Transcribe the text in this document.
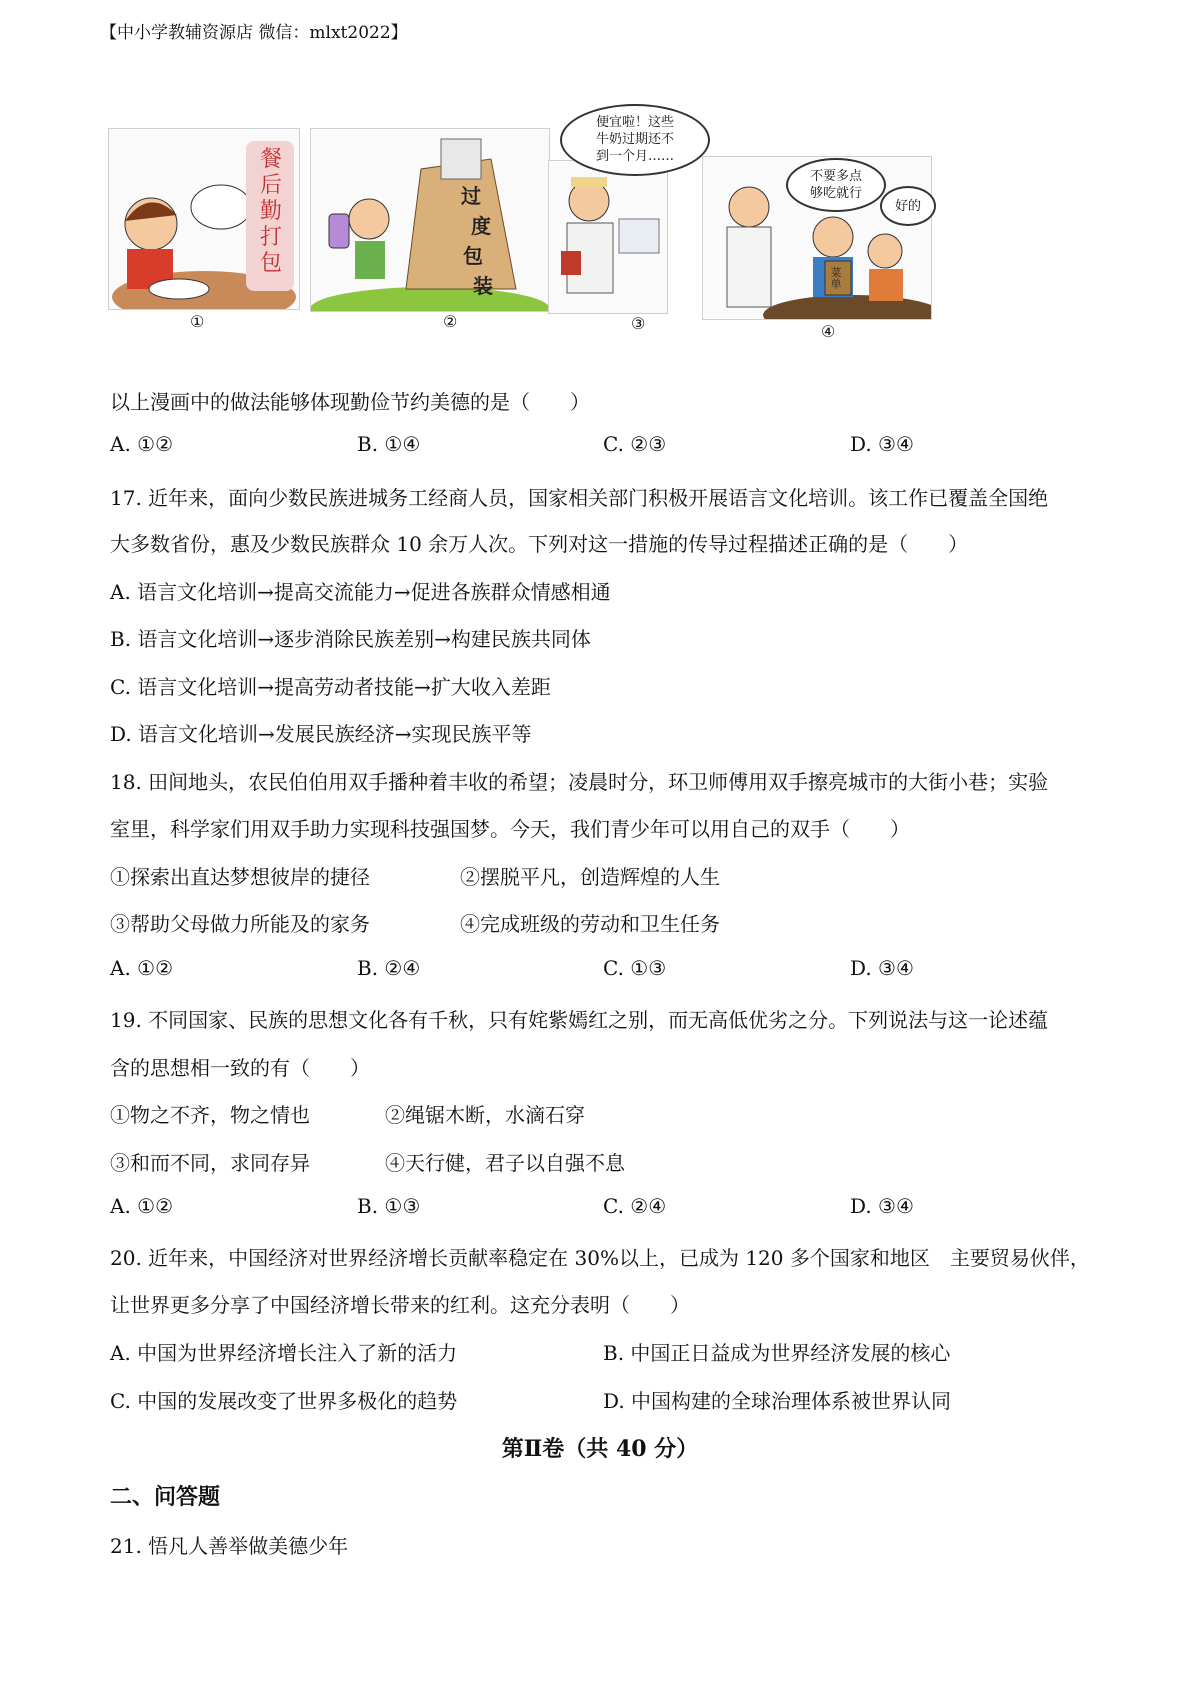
【中小学教辅资源店 微信：mlxt2022】
餐
后
勤
打
包
①
过
度
包
装
②
便宜啦！这些
牛奶过期还不
到一个月……
③
菜单
不要多点
够吃就行
好的
④
以上漫画中的做法能够体现勤俭节约美德的是（　　）
A. ①②	B. ①④	C. ②③	D. ③④
17. 近年来，面向少数民族进城务工经商人员，国家相关部门积极开展语言文化培训。该工作已覆盖全国绝
大多数省份，惠及少数民族群众 10 余万人次。下列对这一措施的传导过程描述正确的是（　　）
A. 语言文化培训→提高交流能力→促进各族群众情感相通
B. 语言文化培训→逐步消除民族差别→构建民族共同体
C. 语言文化培训→提高劳动者技能→扩大收入差距
D. 语言文化培训→发展民族经济→实现民族平等
18. 田间地头，农民伯伯用双手播种着丰收的希望；凌晨时分，环卫师傅用双手擦亮城市的大街小巷；实验
室里，科学家们用双手助力实现科技强国梦。今天，我们青少年可以用自己的双手（　　）
①探索出直达梦想彼岸的捷径	②摆脱平凡，创造辉煌的人生
③帮助父母做力所能及的家务	④完成班级的劳动和卫生任务
A. ①②	B. ②④	C. ①③	D. ③④
19. 不同国家、民族的思想文化各有千秋，只有姹紫嫣红之别，而无高低优劣之分。下列说法与这一论述蕴
含的思想相一致的有（　　）
①物之不齐，物之情也	②绳锯木断，水滴石穿
③和而不同，求同存异	④天行健，君子以自强不息
A. ①②	B. ①③	C. ②④	D. ③④
20. 近年来，中国经济对世界经济增长贡献率稳定在 30%以上，已成为 120 多个国家和地区　主要贸易伙伴，
让世界更多分享了中国经济增长带来的红利。这充分表明（　　）
A. 中国为世界经济增长注入了新的活力	B. 中国正日益成为世界经济发展的核心
C. 中国的发展改变了世界多极化的趋势	D. 中国构建的全球治理体系被世界认同
第Ⅱ卷（共 40 分）
二、问答题
21. 悟凡人善举做美德少年
